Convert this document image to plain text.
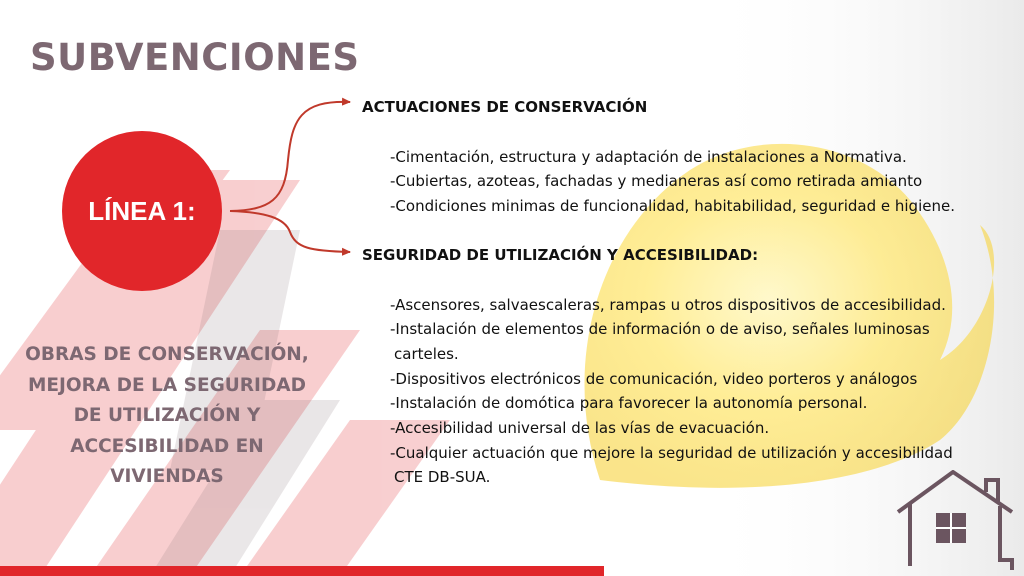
SUBVENCIONES
LÍNEA 1:
OBRAS DE CONSERVACIÓN, MEJORA DE LA SEGURIDAD DE UTILIZACIÓN Y ACCESIBILIDAD EN VIVIENDAS
ACTUACIONES DE CONSERVACIÓN
-Cimentación, estructura y adaptación de instalaciones a Normativa.
-Cubiertas, azoteas, fachadas y medianeras así como retirada amianto
-Condiciones minimas de funcionalidad, habitabilidad, seguridad e higiene.
SEGURIDAD DE UTILIZACIÓN Y ACCESIBILIDAD:
-Ascensores, salvaescaleras, rampas u otros dispositivos de accesibilidad.
-Instalación de elementos de información o de aviso, señales luminosas
carteles.
-Dispositivos electrónicos de comunicación, video porteros y análogos
-Instalación de domótica para favorecer la autonomía personal.
-Accesibilidad universal de las vías de evacuación.
-Cualquier actuación que mejore la seguridad de utilización y accesibilidad
CTE DB-SUA.
